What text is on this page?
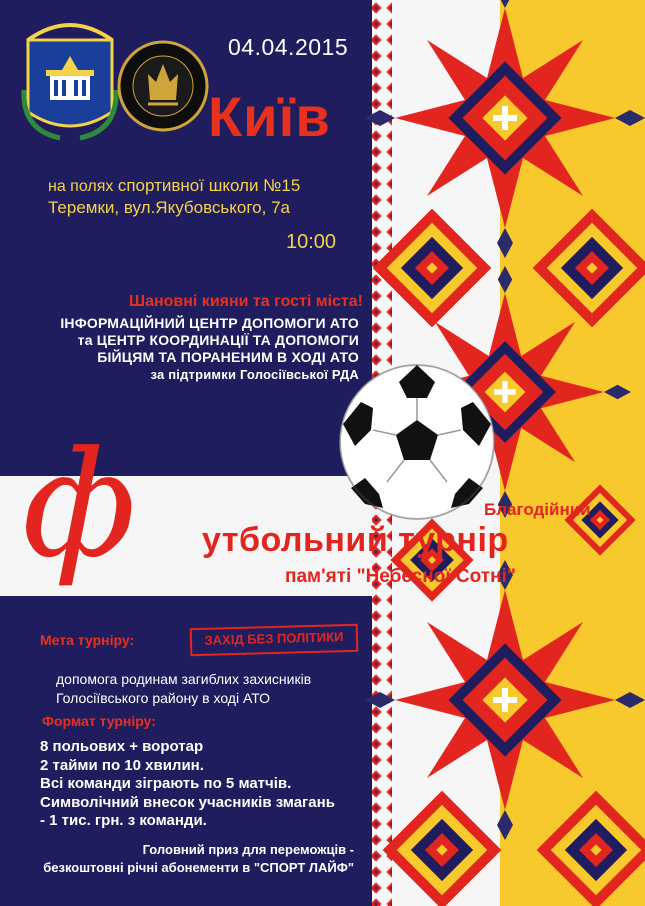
04.04.2015
Київ
на полях спортивної школи №15
Теремки, вул.Якубовського, 7а
10:00
Шановні кияни та гості міста!
ІНФОРМАЦІЙНИЙ ЦЕНТР ДОПОМОГИ АТО
та ЦЕНТР КООРДИНАЦІЇ ТА ДОПОМОГИ
БІЙЦЯМ ТА ПОРАНЕНИМ В ХОДІ АТО
за підтримки Голосіївської РДА
ф	Благодійний
утбольний турнір
пам'яті "Небесної Сотні"
Мета турніру:	ЗАХІД БЕЗ ПОЛІТИКИ
допомога родинам загиблих захисників
Голосіївського району в ході АТО
Формат турніру:
8 польових + воротар
2 тайми по 10 хвилин.
Всі команди зіграють по 5 матчів.
Символічний внесок учасників змагань
- 1 тис. грн. з команди.
Головний приз для переможців -
безкоштовні річні абонементи в "СПОРТ ЛАЙФ"
